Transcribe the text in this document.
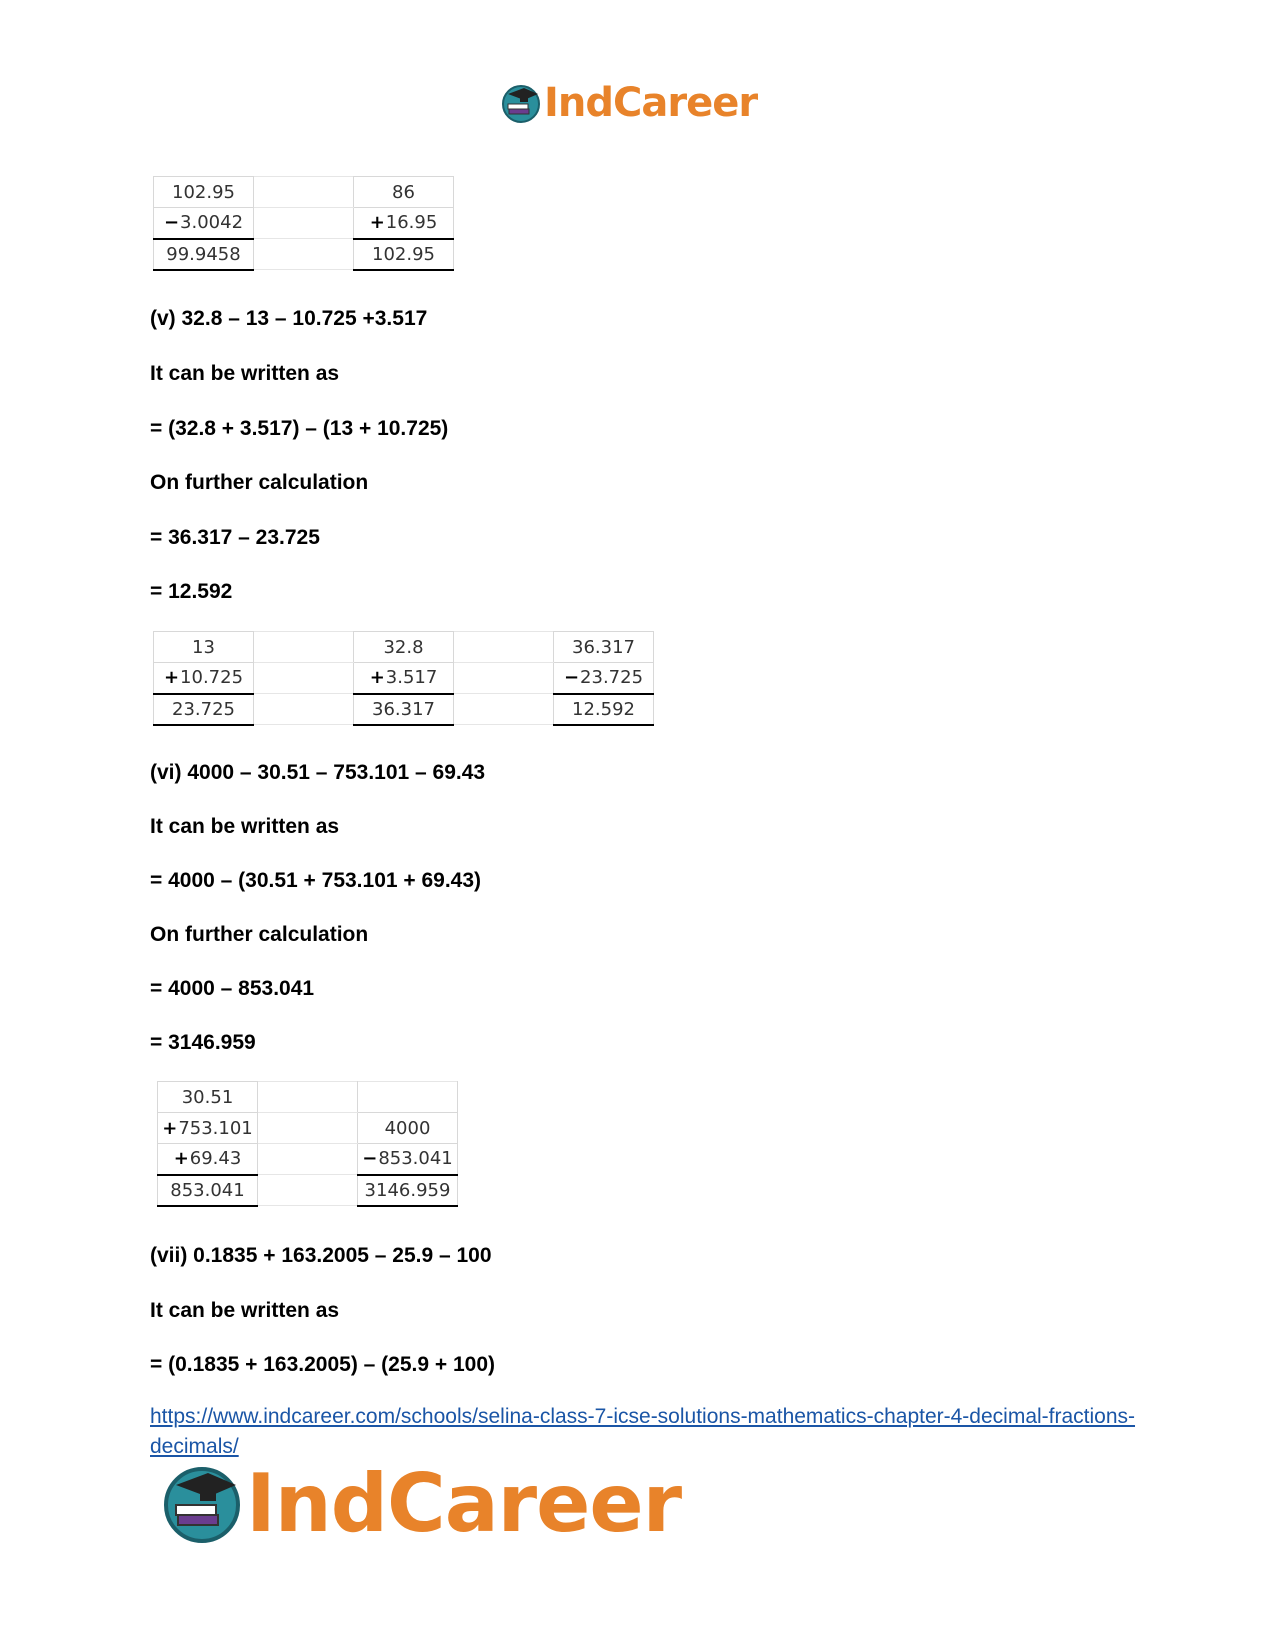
IndCareer
102.95		86
−3.0042		+16.95
99.9458		102.95
(v) 32.8 – 13 – 10.725 +3.517
It can be written as
= (32.8 + 3.517) – (13 + 10.725)
On further calculation
= 36.317 – 23.725
= 12.592
13		32.8		36.317
+10.725		+3.517		−23.725
23.725		36.317		12.592
(vi) 4000 – 30.51 – 753.101 – 69.43
It can be written as
= 4000 – (30.51 + 753.101 + 69.43)
On further calculation
= 4000 – 853.041
= 3146.959
30.51		
+753.101		4000
+69.43		−853.041
853.041		3146.959
(vii) 0.1835 + 163.2005 – 25.9 – 100
It can be written as
= (0.1835 + 163.2005) – (25.9 + 100)
https://www.indcareer.com/schools/selina-class-7-icse-solutions-mathematics-chapter-4-decimal-fractions-decimals/
IndCareer
